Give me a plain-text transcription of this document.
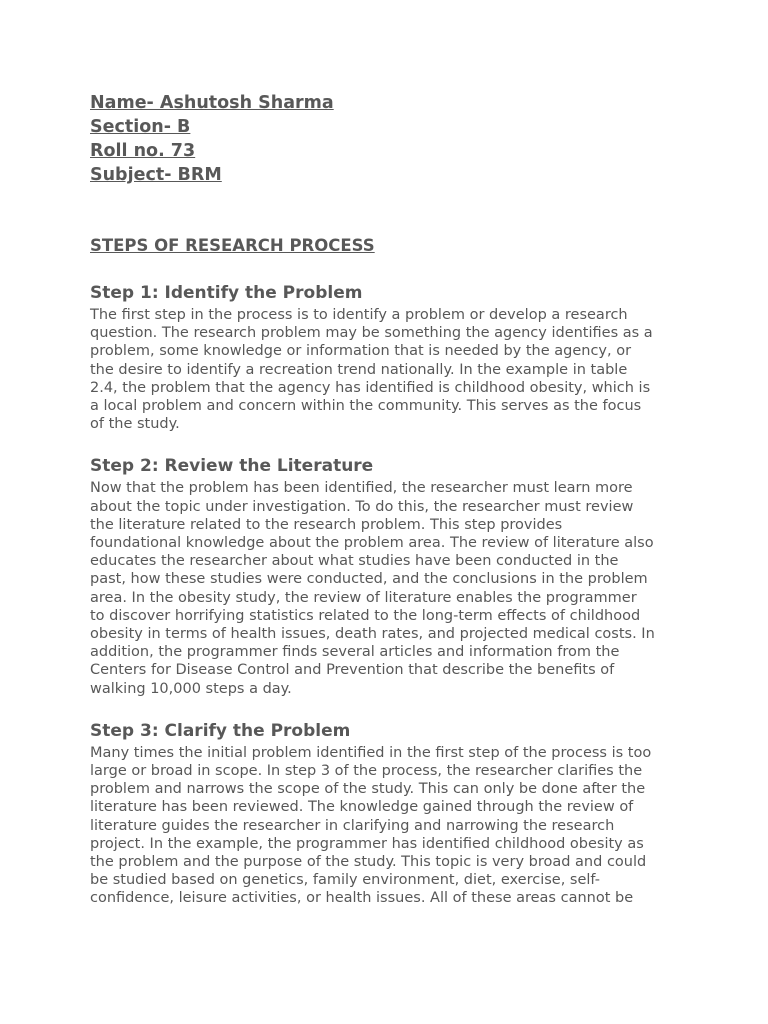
Name- Ashutosh Sharma
Section- B
Roll no. 73
Subject- BRM
STEPS OF RESEARCH PROCESS
Step 1: Identify the Problem
The first step in the process is to identify a problem or develop a research
question. The research problem may be something the agency identifies as a
problem, some knowledge or information that is needed by the agency, or
the desire to identify a recreation trend nationally. In the example in table
2.4, the problem that the agency has identified is childhood obesity, which is
a local problem and concern within the community. This serves as the focus
of the study.
Step 2: Review the Literature
Now that the problem has been identified, the researcher must learn more
about the topic under investigation. To do this, the researcher must review
the literature related to the research problem. This step provides
foundational knowledge about the problem area. The review of literature also
educates the researcher about what studies have been conducted in the
past, how these studies were conducted, and the conclusions in the problem
area. In the obesity study, the review of literature enables the programmer
to discover horrifying statistics related to the long-term effects of childhood
obesity in terms of health issues, death rates, and projected medical costs. In
addition, the programmer finds several articles and information from the
Centers for Disease Control and Prevention that describe the benefits of
walking 10,000 steps a day.
Step 3: Clarify the Problem
Many times the initial problem identified in the first step of the process is too
large or broad in scope. In step 3 of the process, the researcher clarifies the
problem and narrows the scope of the study. This can only be done after the
literature has been reviewed. The knowledge gained through the review of
literature guides the researcher in clarifying and narrowing the research
project. In the example, the programmer has identified childhood obesity as
the problem and the purpose of the study. This topic is very broad and could
be studied based on genetics, family environment, diet, exercise, self-
confidence, leisure activities, or health issues. All of these areas cannot be
